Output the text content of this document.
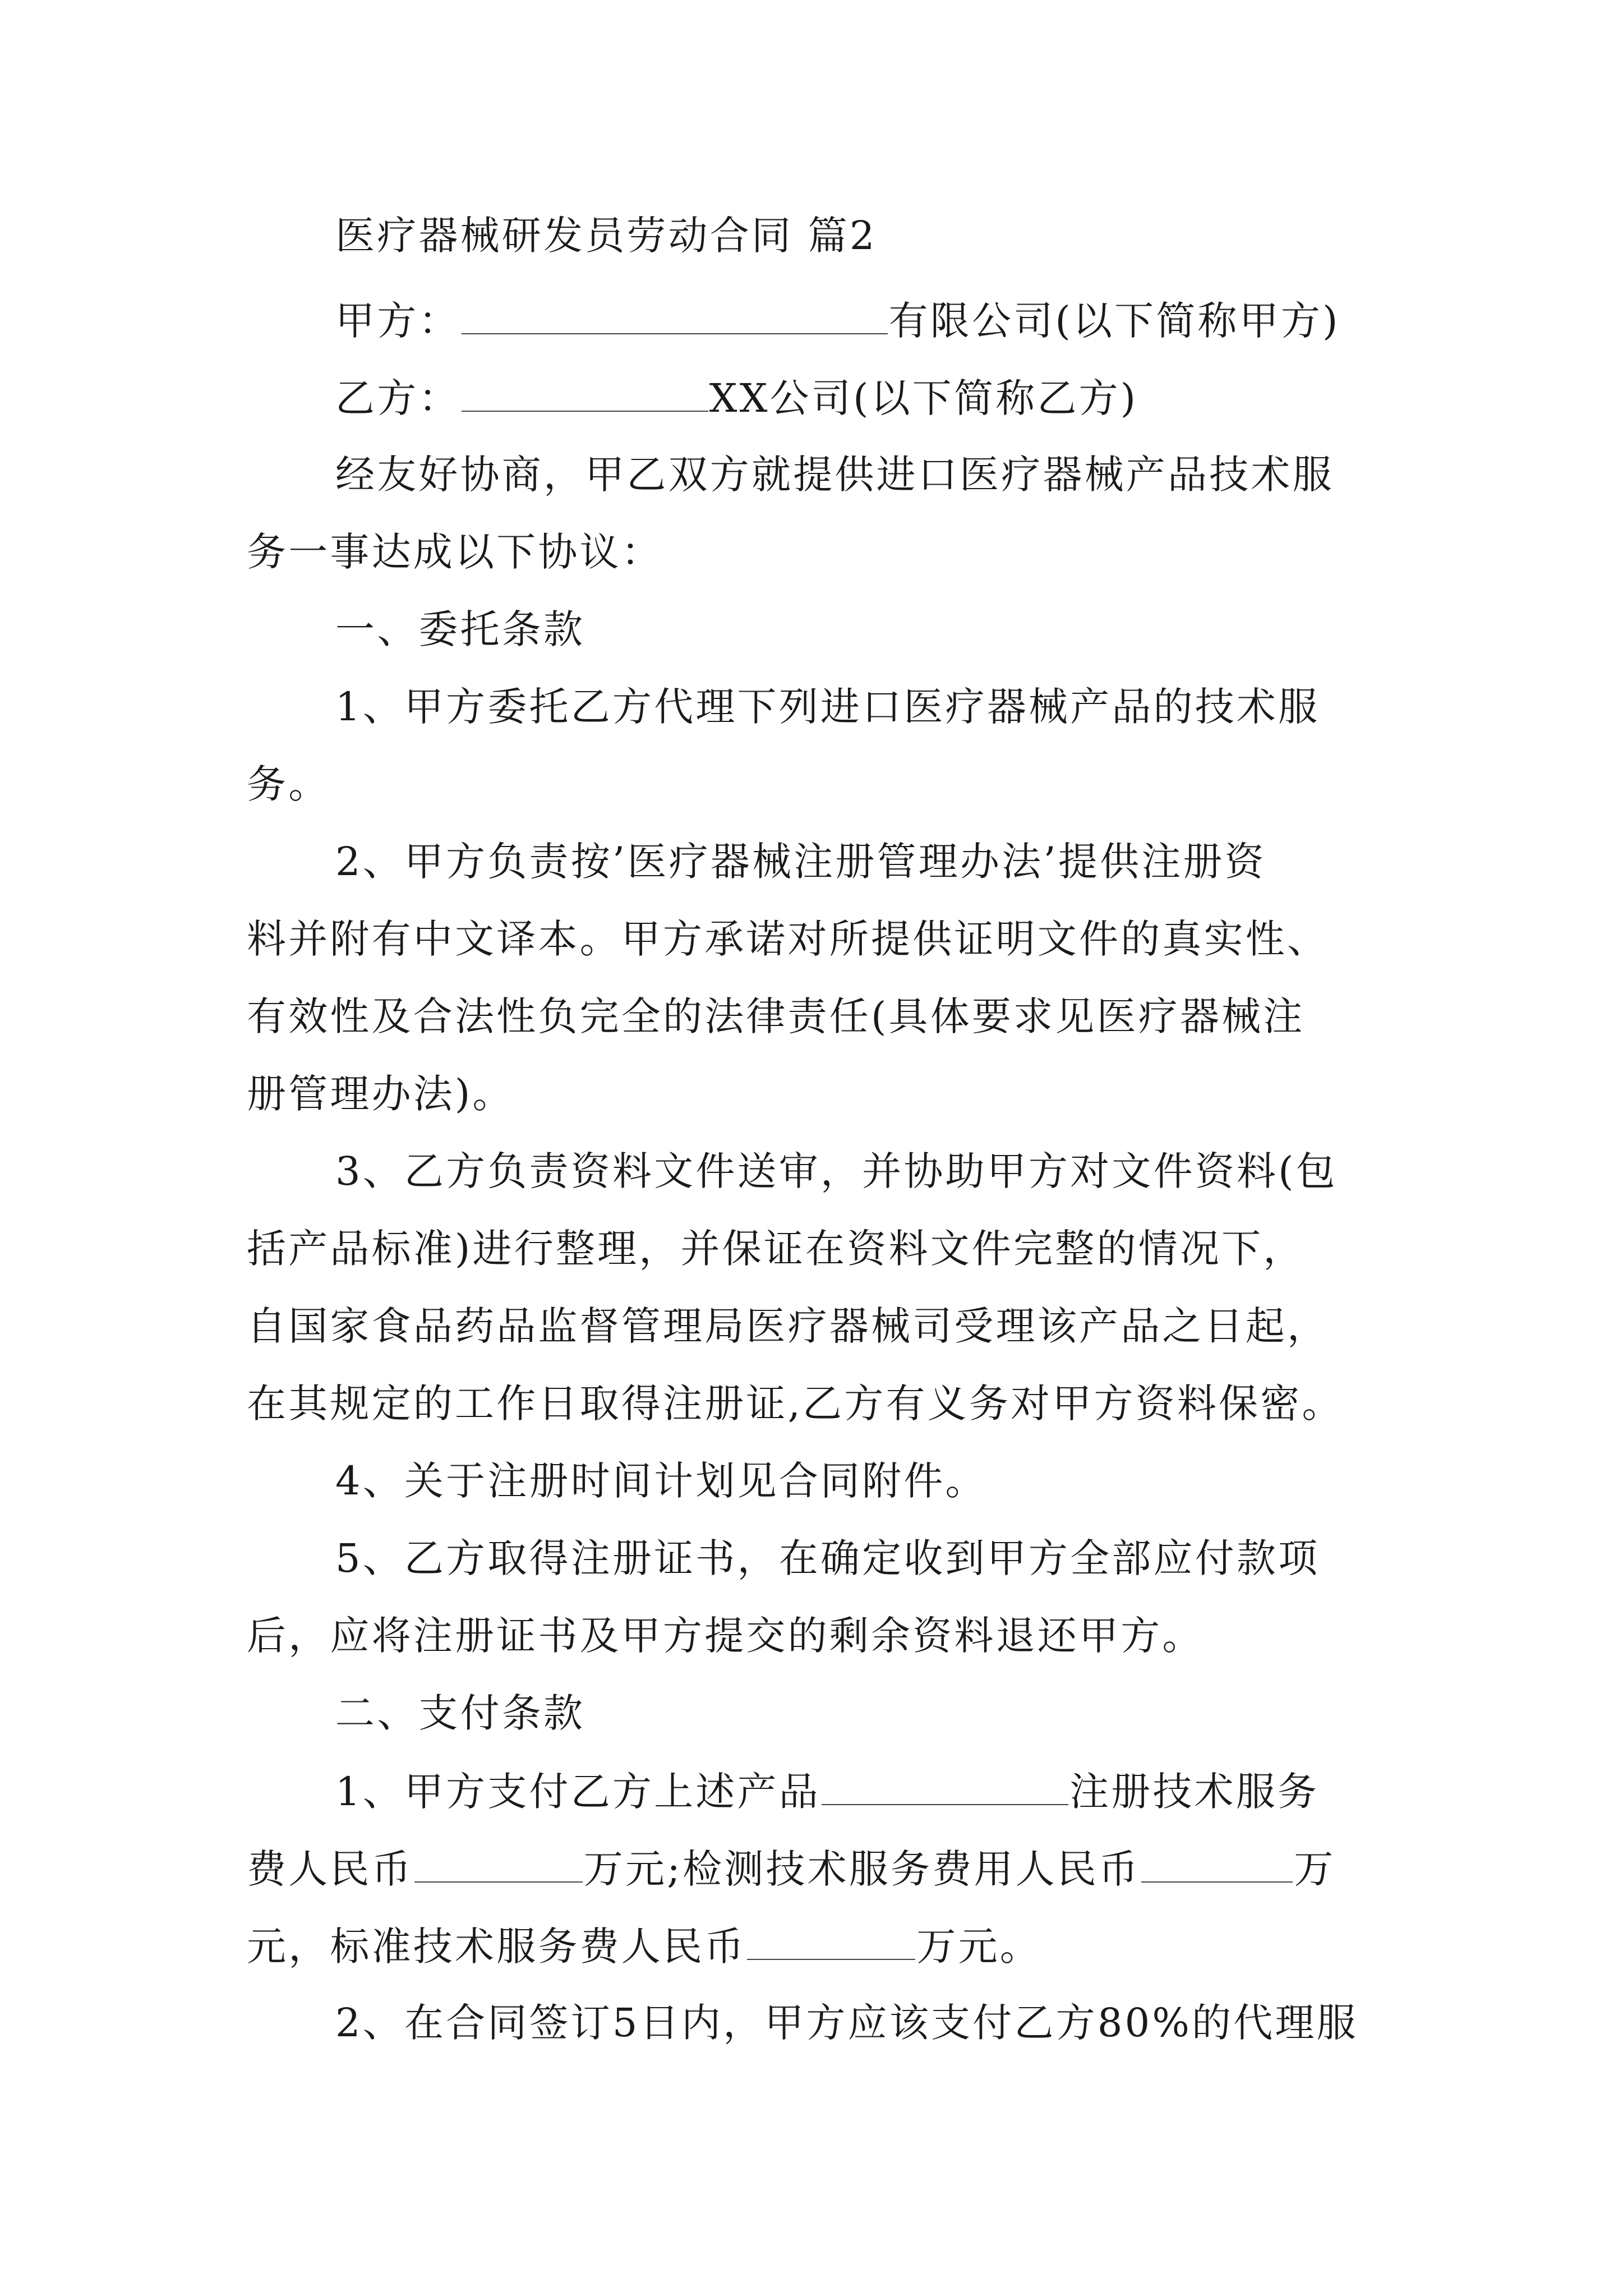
医疗器械研发员劳动合同 篇2
甲方：	有限公司(以下简称甲方)
乙方：	XX公司(以下简称乙方)
经友好协商，甲乙双方就提供进口医疗器械产品技术服
务一事达成以下协议：
一、委托条款
1、甲方委托乙方代理下列进口医疗器械产品的技术服
务。
2、甲方负责按’医疗器械注册管理办法’提供注册资
料并附有中文译本。甲方承诺对所提供证明文件的真实性、
有效性及合法性负完全的法律责任(具体要求见医疗器械注
册管理办法)。
3、乙方负责资料文件送审，并协助甲方对文件资料(包
括产品标准)进行整理，并保证在资料文件完整的情况下，
自国家食品药品监督管理局医疗器械司受理该产品之日起，
在其规定的工作日取得注册证,乙方有义务对甲方资料保密。
4、关于注册时间计划见合同附件。
5、乙方取得注册证书，在确定收到甲方全部应付款项
后，应将注册证书及甲方提交的剩余资料退还甲方。
二、支付条款
1、甲方支付乙方上述产品	注册技术服务
费人民币	万元;检测技术服务费用人民币	万
元，标准技术服务费人民币	万元。
2、在合同签订5日内，甲方应该支付乙方80%的代理服
